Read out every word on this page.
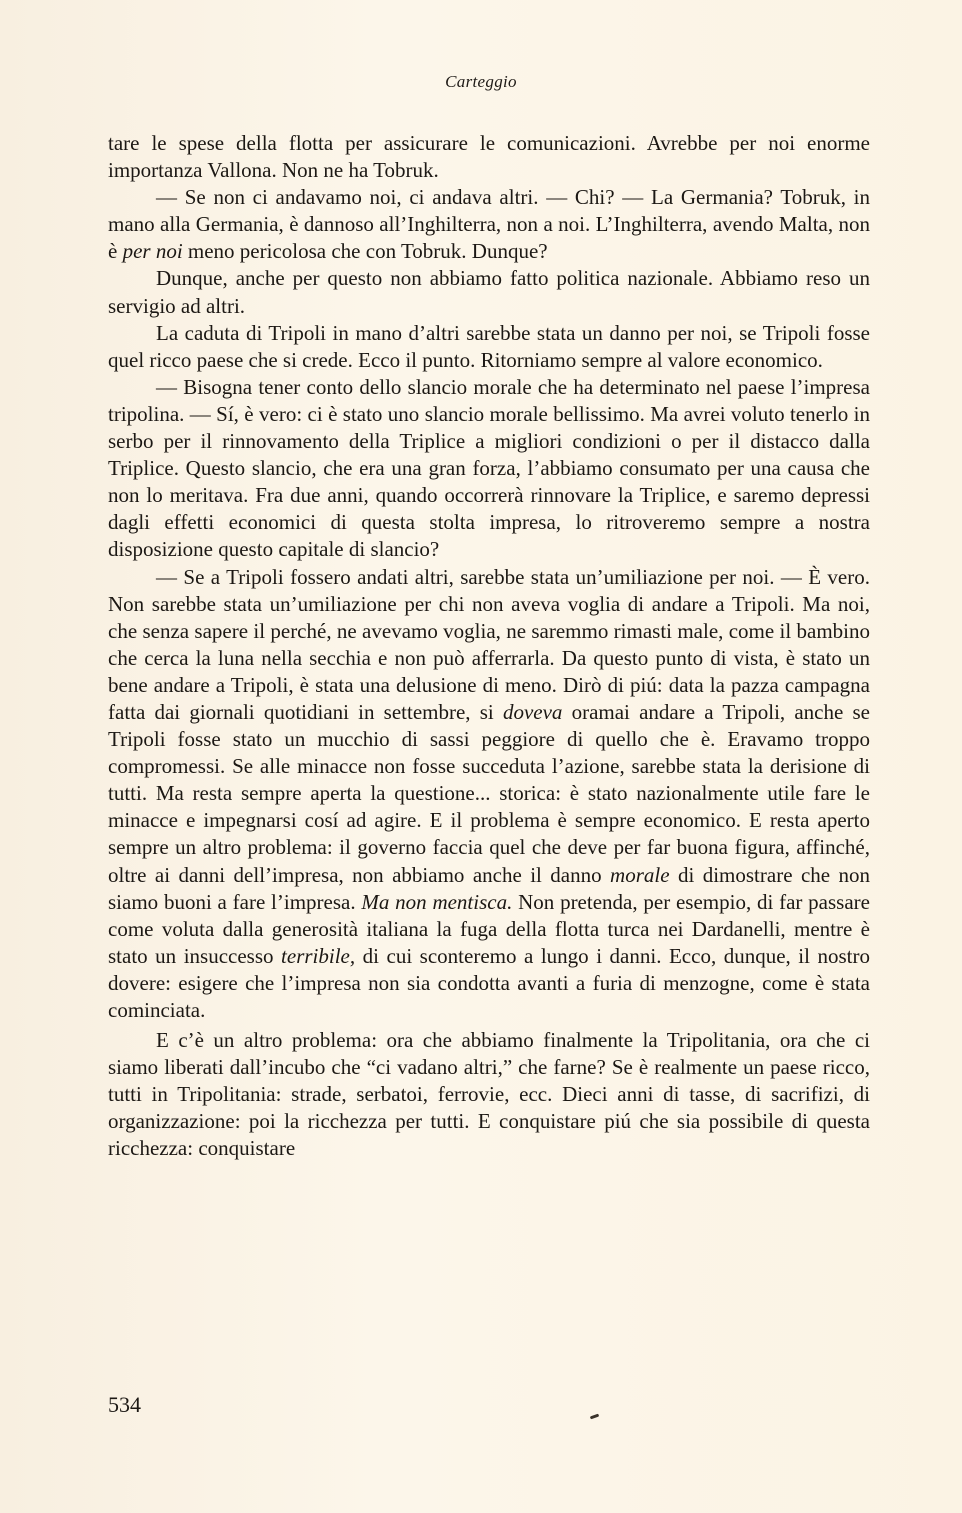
Carteggio

tare le spese della flotta per assicurare le comunicazioni. Avrebbe per noi enorme importanza Vallona. Non ne ha Tobruk.

— Se non ci andavamo noi, ci andava altri. — Chi? — La Germania? Tobruk, in mano alla Germania, è dannoso all’Inghilterra, non a noi. L’Inghilterra, avendo Malta, non è per noi meno pericolosa che con Tobruk. Dunque?

Dunque, anche per questo non abbiamo fatto politica nazionale. Abbiamo reso un servigio ad altri.

La caduta di Tripoli in mano d’altri sarebbe stata un danno per noi, se Tripoli fosse quel ricco paese che si crede. Ecco il punto. Ritorniamo sempre al valore economico.

— Bisogna tener conto dello slancio morale che ha determinato nel paese l’impresa tripolina. — Sí, è vero: ci è stato uno slancio morale bellissimo. Ma avrei voluto tenerlo in serbo per il rinnovamento della Triplice a migliori condizioni o per il distacco dalla Triplice. Questo slancio, che era una gran forza, l’abbiamo consumato per una causa che non lo meritava. Fra due anni, quando occorrerà rinnovare la Triplice, e saremo depressi dagli effetti economici di questa stolta impresa, lo ritroveremo sempre a nostra disposizione questo capitale di slancio?

— Se a Tripoli fossero andati altri, sarebbe stata un’umiliazione per noi. — È vero. Non sarebbe stata un’umiliazione per chi non aveva voglia di andare a Tripoli. Ma noi, che senza sapere il perché, ne avevamo voglia, ne saremmo rimasti male, come il bambino che cerca la luna nella secchia e non può afferrarla. Da questo punto di vista, è stato un bene andare a Tripoli, è stata una delusione di meno. Dirò di piú: data la pazza campagna fatta dai giornali quotidiani in settembre, si doveva oramai andare a Tripoli, anche se Tripoli fosse stato un mucchio di sassi peggiore di quello che è. Eravamo troppo compromessi. Se alle minacce non fosse succeduta l’azione, sarebbe stata la derisione di tutti. Ma resta sempre aperta la questione... storica: è stato nazionalmente utile fare le minacce e impegnarsi cosí ad agire. E il problema è sempre economico. E resta aperto sempre un altro problema: il governo faccia quel che deve per far buona figura, affinché, oltre ai danni dell’impresa, non abbiamo anche il danno morale di dimostrare che non siamo buoni a fare l’impresa. Ma non mentisca. Non pretenda, per esempio, di far passare come voluta dalla generosità italiana la fuga della flotta turca nei Dardanelli, mentre è stato un insuccesso terribile, di cui sconteremo a lungo i danni. Ecco, dunque, il nostro dovere: esigere che l’impresa non sia condotta avanti a furia di menzogne, come è stata cominciata.

E c’è un altro problema: ora che abbiamo finalmente la Tripolitania, ora che ci siamo liberati dall’incubo che “ci vadano altri,” che farne? Se è realmente un paese ricco, tutti in Tripolitania: strade, serbatoi, ferrovie, ecc. Dieci anni di tasse, di sacrifizi, di organizzazione: poi la ricchezza per tutti. E conquistare piú che sia possibile di questa ricchezza: conquistare

534
